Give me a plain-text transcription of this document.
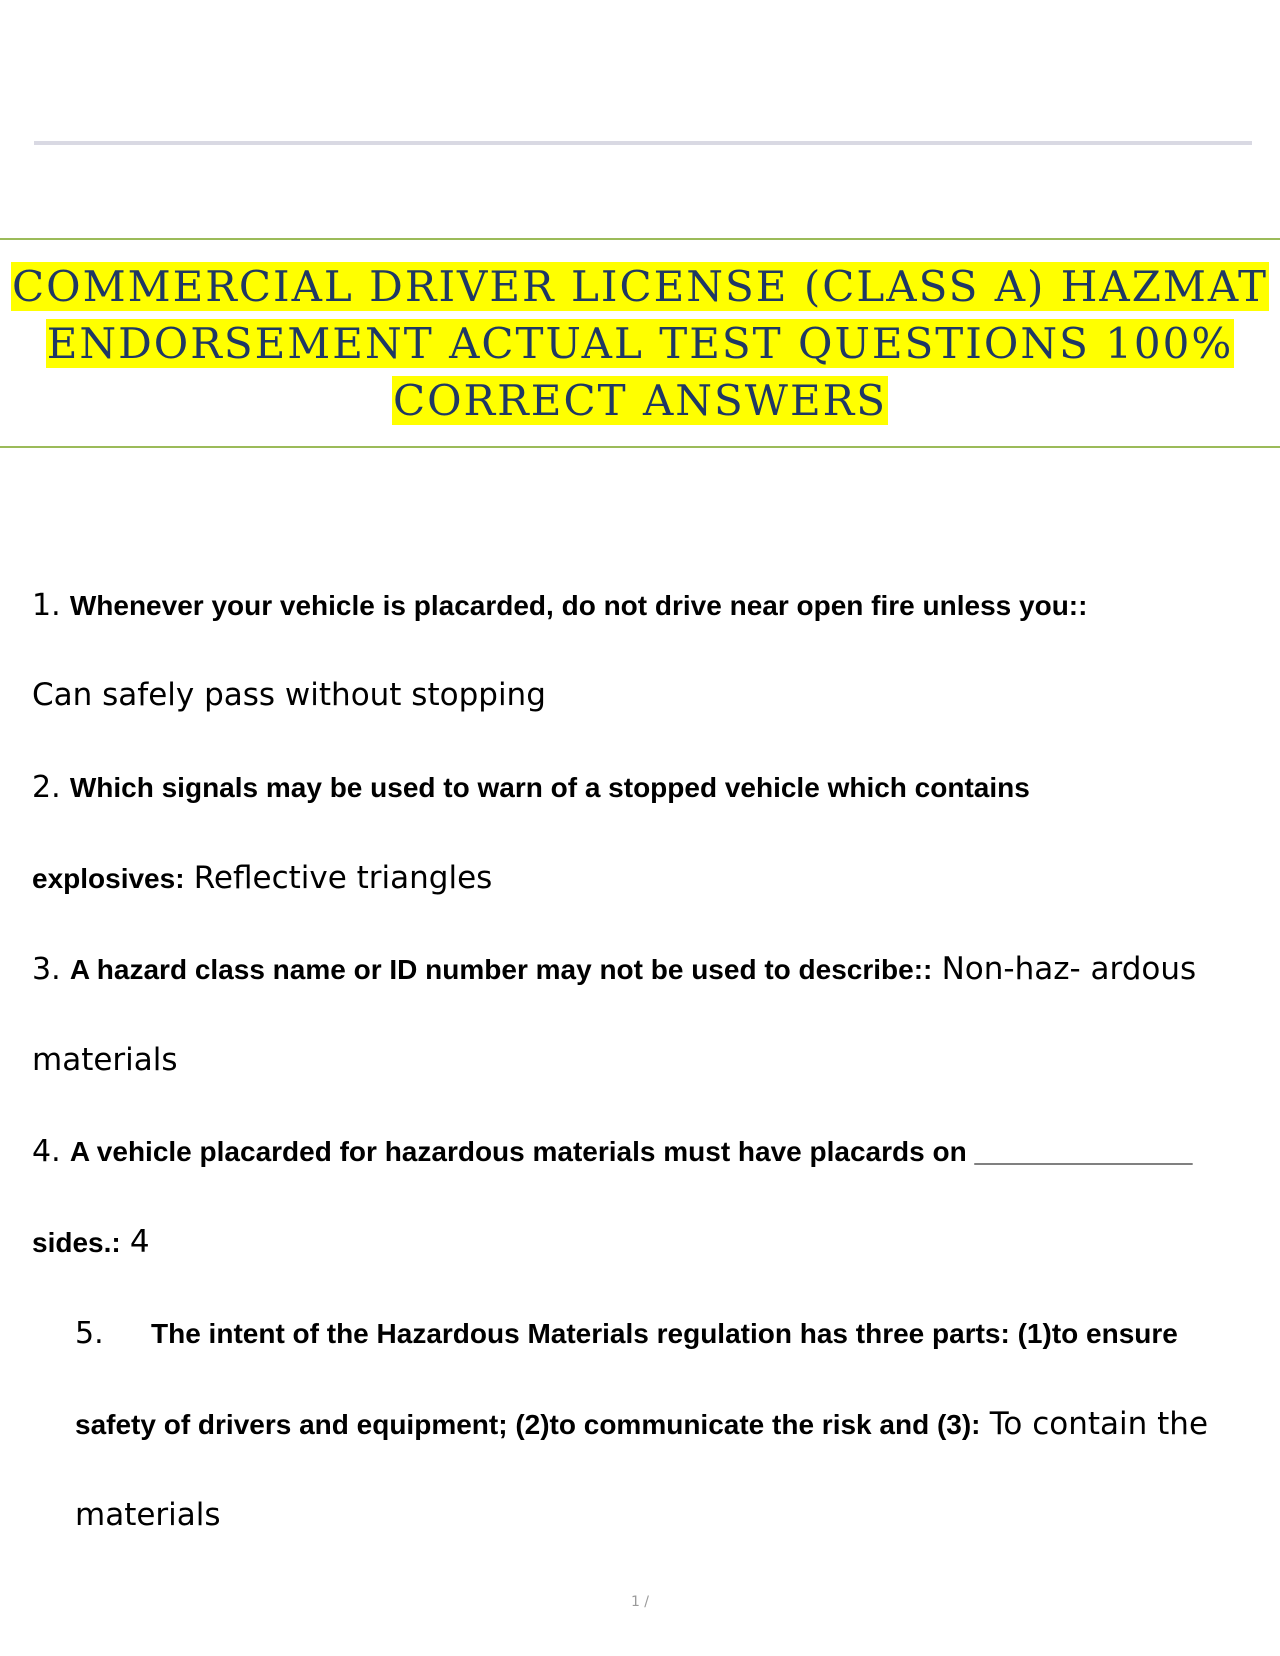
COMMERCIAL DRIVER LICENSE (CLASS A) HAZMAT
ENDORSEMENT ACTUAL TEST QUESTIONS 100%
CORRECT ANSWERS
1. Whenever your vehicle is placarded, do not drive near open fire unless you::
Can safely pass without stopping
2. Which signals may be used to warn of a stopped vehicle which contains
explosives: Reflective triangles
3. A hazard class name or ID number may not be used to describe:: Non-haz- ardous
materials
4. A vehicle placarded for hazardous materials must have placards on ______________
sides.: 4
5. The intent of the Hazardous Materials regulation has three parts: (1)to ensure
safety of drivers and equipment; (2)to communicate the risk and (3): To contain the
materials
1 /
